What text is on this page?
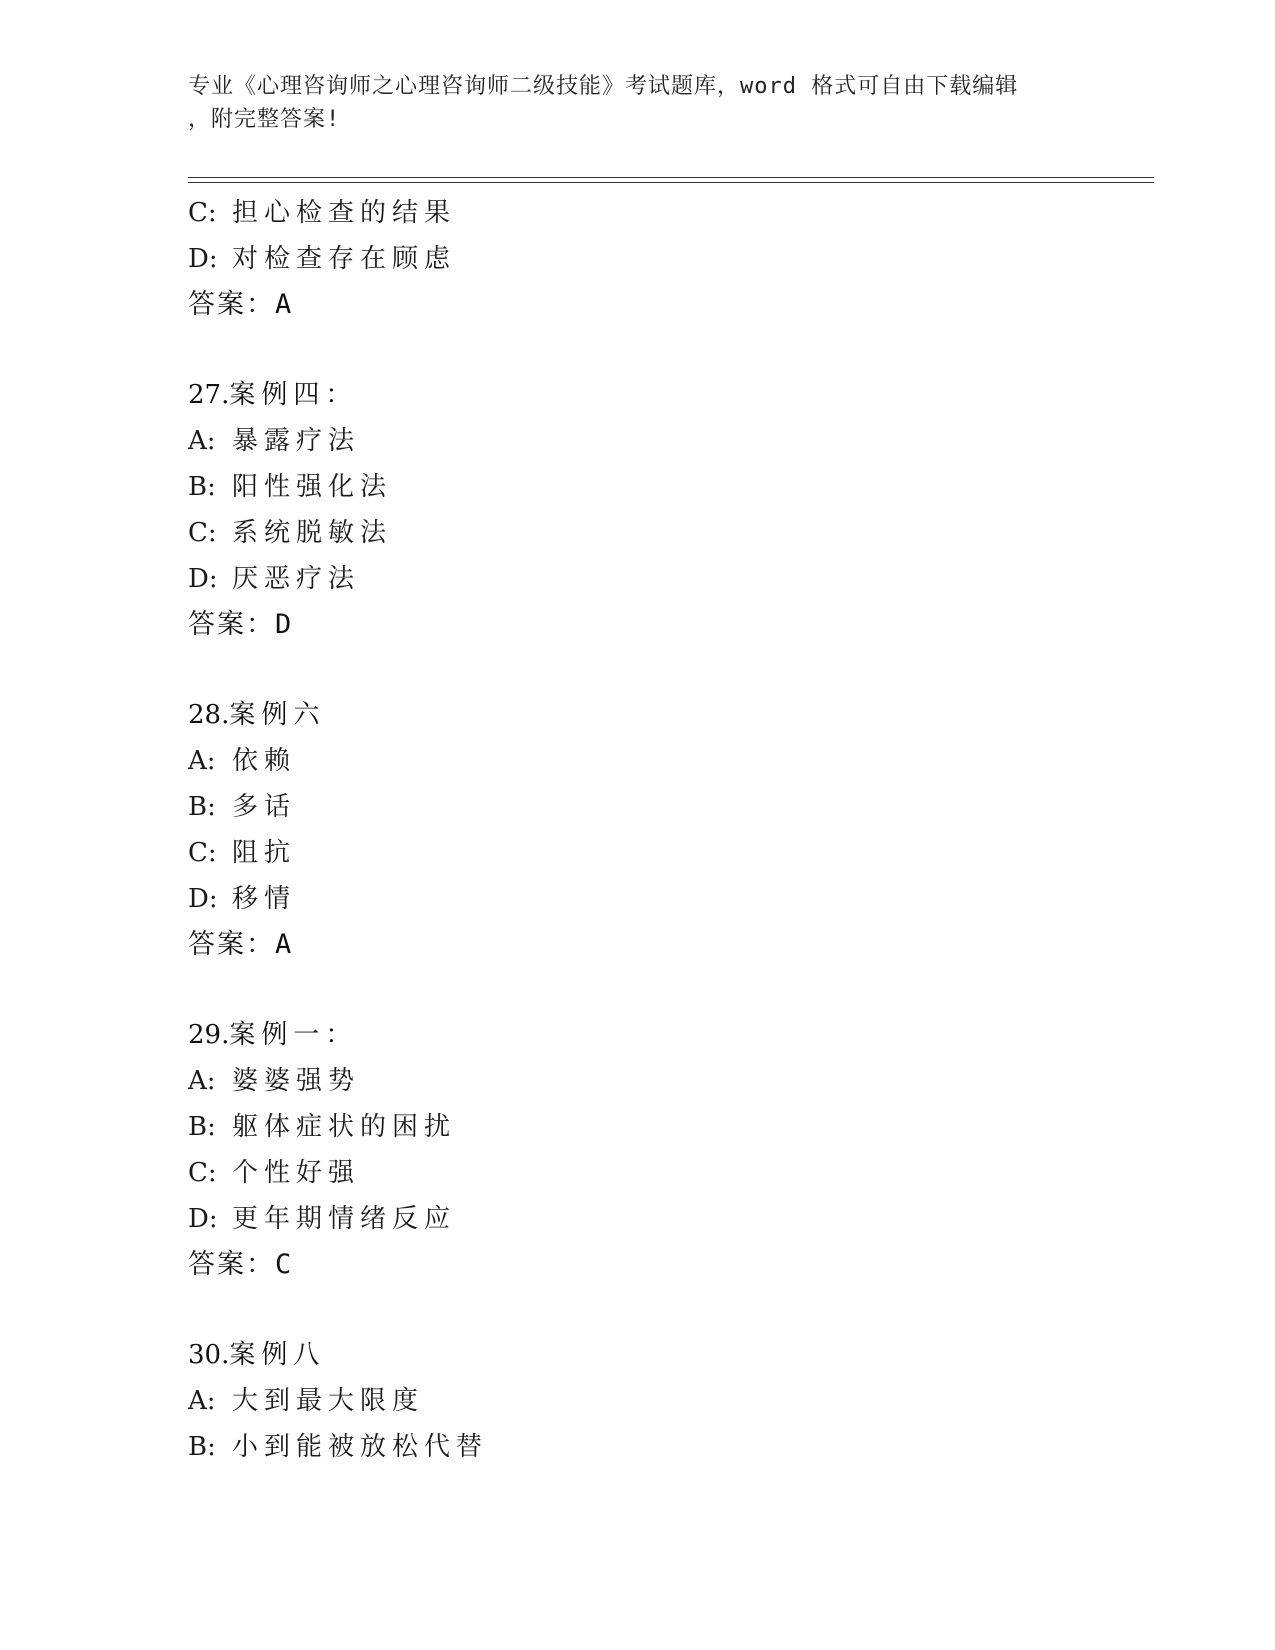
专业《心理咨询师之心理咨询师二级技能》考试题库，word 格式可自由下载编辑
，附完整答案!
C: 担心检查的结果
D: 对检查存在顾虑
答案：A
27.案例四：
A: 暴露疗法
B: 阳性强化法
C: 系统脱敏法
D: 厌恶疗法
答案：D
28.案例六
A: 依赖
B: 多话
C: 阻抗
D: 移情
答案：A
29.案例一：
A: 婆婆强势
B: 躯体症状的困扰
C: 个性好强
D: 更年期情绪反应
答案：C
30.案例八
A: 大到最大限度
B: 小到能被放松代替
